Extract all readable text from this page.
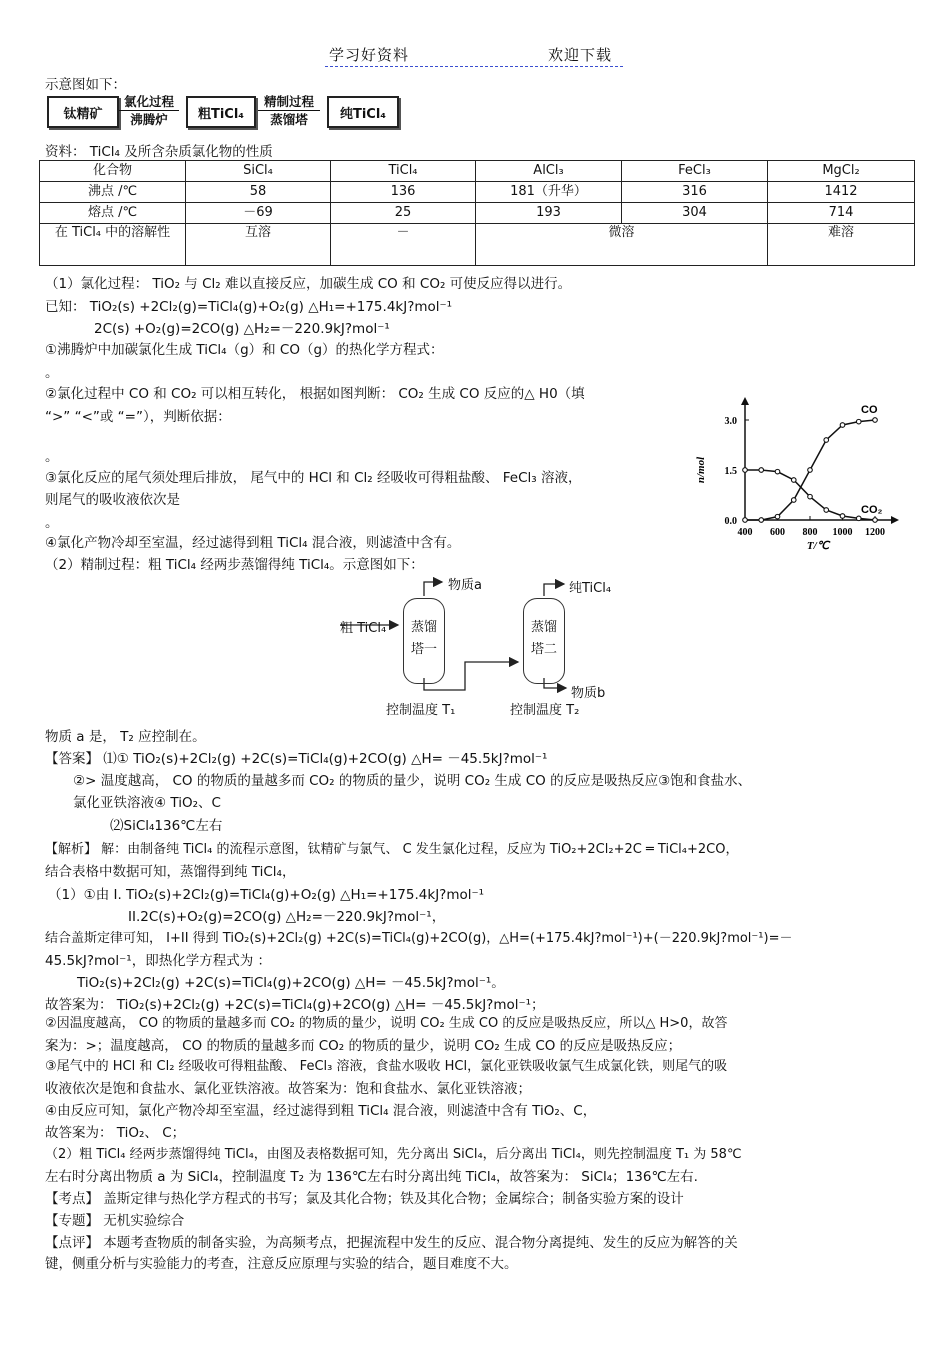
学习好资料	欢迎下载
示意图如下：
钛精矿
氯化过程
沸腾炉	粗TiCl₄
精制过程
蒸馏塔	纯TiCl₄
资料： TiCl₄ 及所含杂质氯化物的性质
化合物	SiCl₄	TiCl₄	AlCl₃	FeCl₃	MgCl₂
沸点 /℃	58	136	181（升华）	316	1412
熔点 /℃	－69	25	193	304	714
在 TiCl₄ 中的溶解性	互溶	－	微溶		难溶
（1）氯化过程： TiO₂ 与 Cl₂ 难以直接反应，加碳生成 CO 和 CO₂ 可使反应得以进行。
已知： TiO₂(s) +2Cl₂(g)=TiCl₄(g)+O₂(g) △H₁=+175.4kJ?mol⁻¹
2C(s) +O₂(g)=2CO(g) △H₂=－220.9kJ?mol⁻¹
①沸腾炉中加碳氯化生成 TiCl₄（g）和 CO（g）的热化学方程式：
。
②氯化过程中 CO 和 CO₂ 可以相互转化， 根据如图判断： CO₂ 生成 CO 反应的△ H0（填
“>” “<”或 “=”），判断依据：
。
③氯化反应的尾气须处理后排放， 尾气中的 HCl 和 Cl₂ 经吸收可得粗盐酸、 FeCl₃ 溶液，
则尾气的吸收液依次是
。
④氯化产物冷却至室温，经过滤得到粗 TiCl₄ 混合液，则滤渣中含有。
（2）精制过程：粗 TiCl₄ 经两步蒸馏得纯 TiCl₄。示意图如下：
物质 a 是， T₂ 应控制在。
400 600 800 1000 1200
0.0
1.5
3.0
n/mol
T/℃
CO
CO₂
粗 TiCl₄	蒸馏
塔一
蒸馏
塔二
物质a	纯TiCl₄
物质b
控制温度 T₁	控制温度 T₂
【答案】 ⑴① TiO₂(s)+2Cl₂(g) +2C(s)=TiCl₄(g)+2CO(g) △H= －45.5kJ?mol⁻¹
②> 温度越高， CO 的物质的量越多而 CO₂ 的物质的量少，说明 CO₂ 生成 CO 的反应是吸热反应③饱和食盐水、
氯化亚铁溶液④ TiO₂、C
⑵SiCl₄136℃左右
【解析】 解：由制备纯 TiCl₄ 的流程示意图，钛精矿与氯气、 C 发生氯化过程，反应为 TiO₂+2Cl₂+2C ═ TiCl₄+2CO，
结合表格中数据可知，蒸馏得到纯 TiCl₄，
（1）①由 I. TiO₂(s)+2Cl₂(g)=TiCl₄(g)+O₂(g) △H₁=+175.4kJ?mol⁻¹
II.2C(s)+O₂(g)=2CO(g) △H₂=－220.9kJ?mol⁻¹，
结合盖斯定律可知， I+II 得到 TiO₂(s)+2Cl₂(g) +2C(s)=TiCl₄(g)+2CO(g)，△H=(+175.4kJ?mol⁻¹)+(－220.9kJ?mol⁻¹)=－
45.5kJ?mol⁻¹，即热化学方程式为 ：
TiO₂(s)+2Cl₂(g) +2C(s)=TiCl₄(g)+2CO(g) △H= －45.5kJ?mol⁻¹。
故答案为： TiO₂(s)+2Cl₂(g) +2C(s)=TiCl₄(g)+2CO(g) △H= －45.5kJ?mol⁻¹；
②因温度越高， CO 的物质的量越多而 CO₂ 的物质的量少，说明 CO₂ 生成 CO 的反应是吸热反应，所以△ H>0，故答
案为：>；温度越高， CO 的物质的量越多而 CO₂ 的物质的量少，说明 CO₂ 生成 CO 的反应是吸热反应；
③尾气中的 HCl 和 Cl₂ 经吸收可得粗盐酸、 FeCl₃ 溶液，食盐水吸收 HCl，氯化亚铁吸收氯气生成氯化铁，则尾气的吸
收液依次是饱和食盐水、氯化亚铁溶液。故答案为：饱和食盐水、氯化亚铁溶液；
④由反应可知，氯化产物冷却至室温，经过滤得到粗 TiCl₄ 混合液，则滤渣中含有 TiO₂、C，
故答案为： TiO₂、 C；
（2）粗 TiCl₄ 经两步蒸馏得纯 TiCl₄，由图及表格数据可知，先分离出 SiCl₄，后分离出 TiCl₄，则先控制温度 T₁ 为 58℃
左右时分离出物质 a 为 SiCl₄，控制温度 T₂ 为 136℃左右时分离出纯 TiCl₄，故答案为： SiCl₄；136℃左右.
【考点】 盖斯定律与热化学方程式的书写；氯及其化合物；铁及其化合物；金属综合；制备实验方案的设计
【专题】 无机实验综合
【点评】 本题考查物质的制备实验，为高频考点，把握流程中发生的反应、混合物分离提纯、发生的反应为解答的关
键，侧重分析与实验能力的考查，注意反应原理与实验的结合，题目难度不大。
